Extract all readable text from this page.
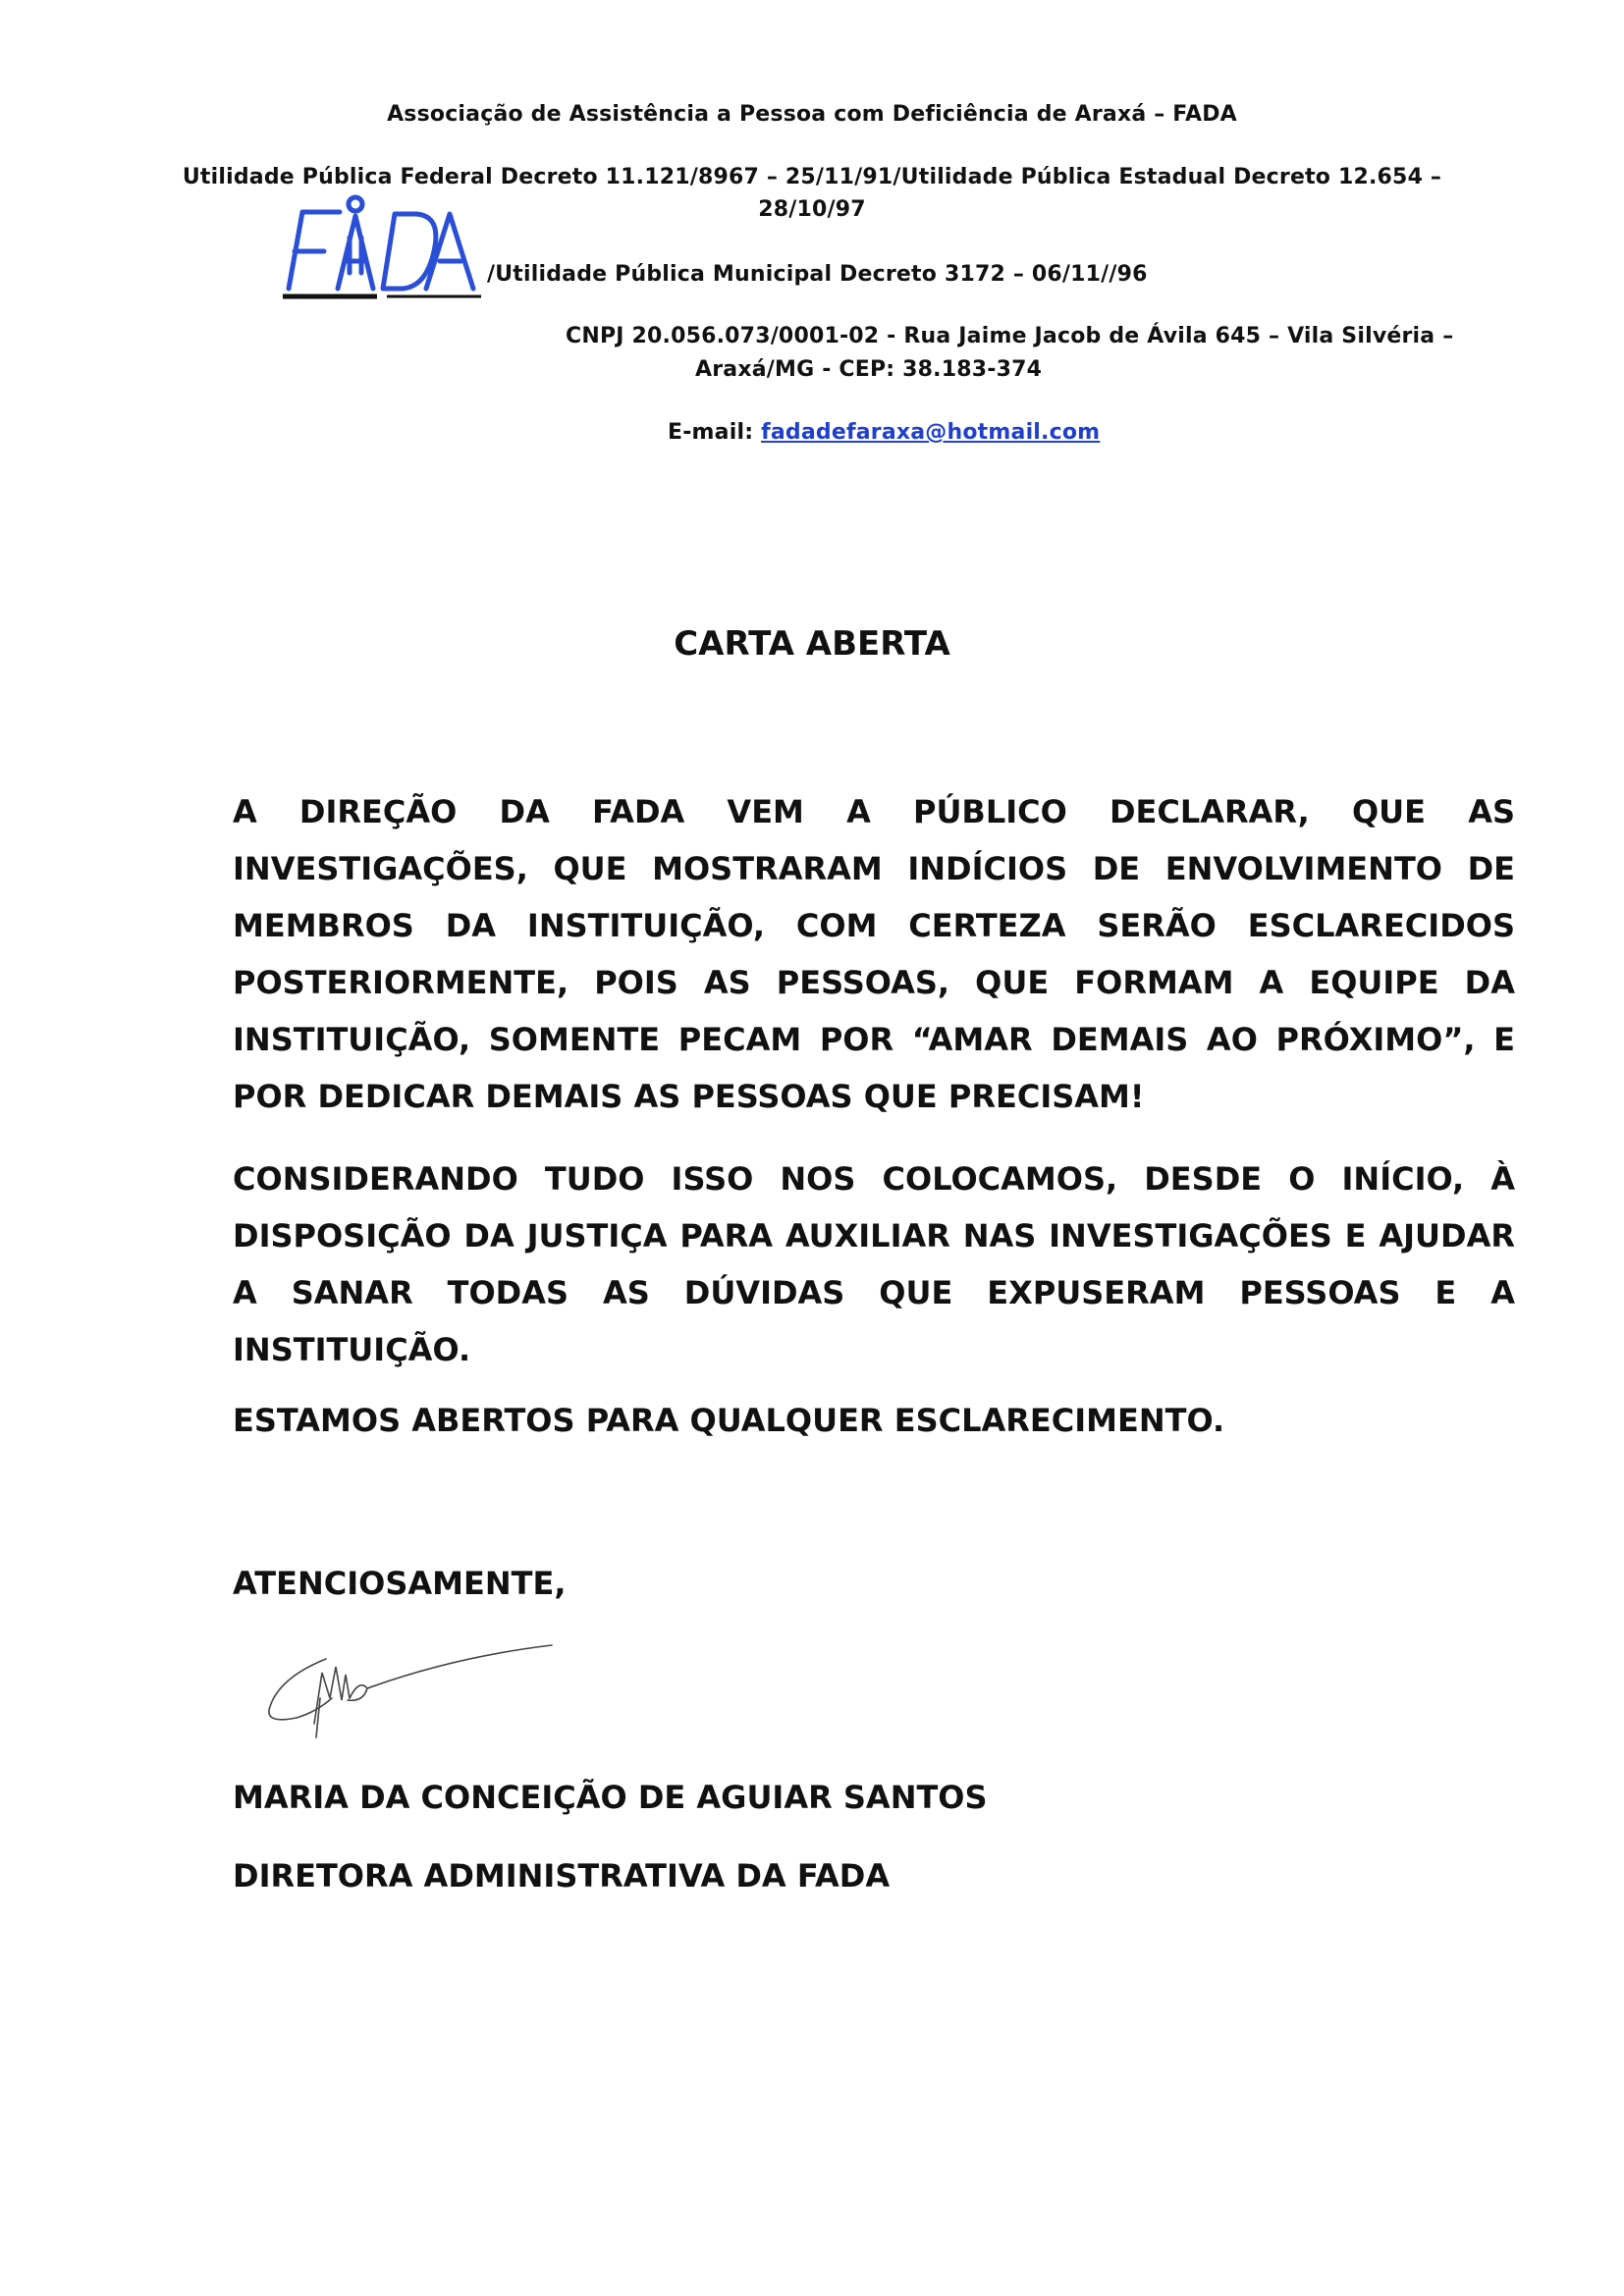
Associação de Assistência a Pessoa com Deficiência de Araxá – FADA
Utilidade Pública Federal Decreto 11.121/8967 – 25/11/91/Utilidade Pública Estadual Decreto 12.654 –
28/10/97
/Utilidade Pública Municipal Decreto 3172 – 06/11//96
CNPJ 20.056.073/0001-02 - Rua Jaime Jacob de Ávila 645 – Vila Silvéria –
Araxá/MG - CEP: 38.183-374
E-mail: fadadefaraxa@hotmail.com
CARTA ABERTA

A DIREÇÃO DA FADA VEM A PÚBLICO DECLARAR, QUE AS INVESTIGAÇÕES, QUE MOSTRARAM INDÍCIOS DE ENVOLVIMENTO DE MEMBROS DA INSTITUIÇÃO, COM CERTEZA SERÃO ESCLARECIDOS POSTERIORMENTE, POIS AS PESSOAS, QUE FORMAM A EQUIPE DA INSTITUIÇÃO, SOMENTE PECAM POR “AMAR DEMAIS AO PRÓXIMO”, E POR DEDICAR DEMAIS AS PESSOAS QUE PRECISAM!

CONSIDERANDO TUDO ISSO NOS COLOCAMOS, DESDE O INÍCIO, À DISPOSIÇÃO DA JUSTIÇA PARA AUXILIAR NAS INVESTIGAÇÕES E AJUDAR A SANAR TODAS AS DÚVIDAS QUE EXPUSERAM PESSOAS E A INSTITUIÇÃO.

ESTAMOS ABERTOS PARA QUALQUER ESCLARECIMENTO.
ATENCIOSAMENTE,
MARIA DA CONCEIÇÃO DE AGUIAR SANTOS
DIRETORA ADMINISTRATIVA DA FADA
